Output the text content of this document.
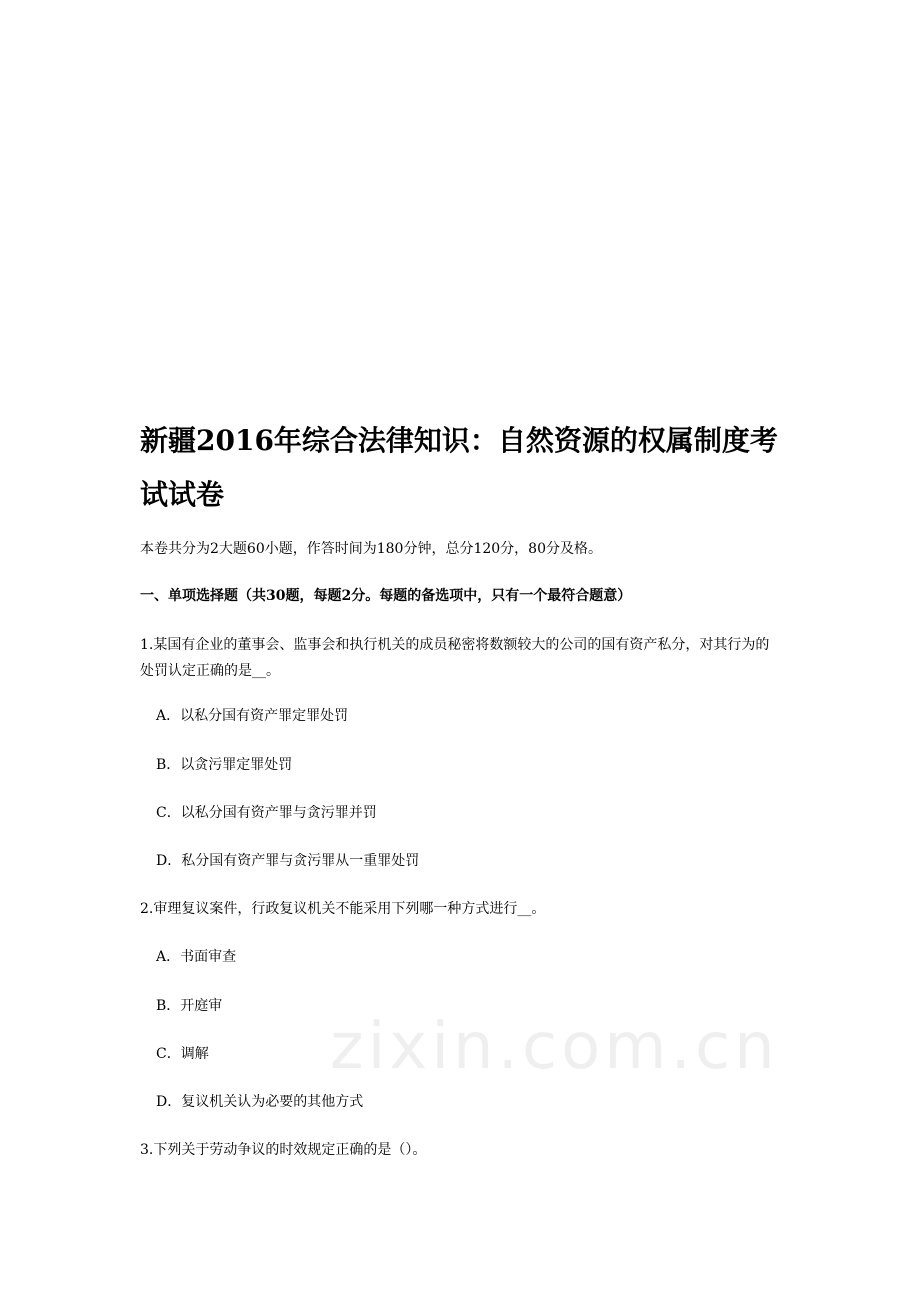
zixin.com.cn
新疆2016年综合法律知识：自然资源的权属制度考试试卷

本卷共分为2大题60小题，作答时间为180分钟，总分120分，80分及格。

一、单项选择题（共30题，每题2分。每题的备选项中，只有一个最符合题意）

1.某国有企业的董事会、监事会和执行机关的成员秘密将数额较大的公司的国有资产私分，对其行为的处罚认定正确的是__。

A．以私分国有资产罪定罪处罚

B．以贪污罪定罪处罚

C．以私分国有资产罪与贪污罪并罚

D．私分国有资产罪与贪污罪从一重罪处罚

2.审理复议案件，行政复议机关不能采用下列哪一种方式进行__。

A．书面审查

B．开庭审

C．调解

D．复议机关认为必要的其他方式

3.下列关于劳动争议的时效规定正确的是（）。
